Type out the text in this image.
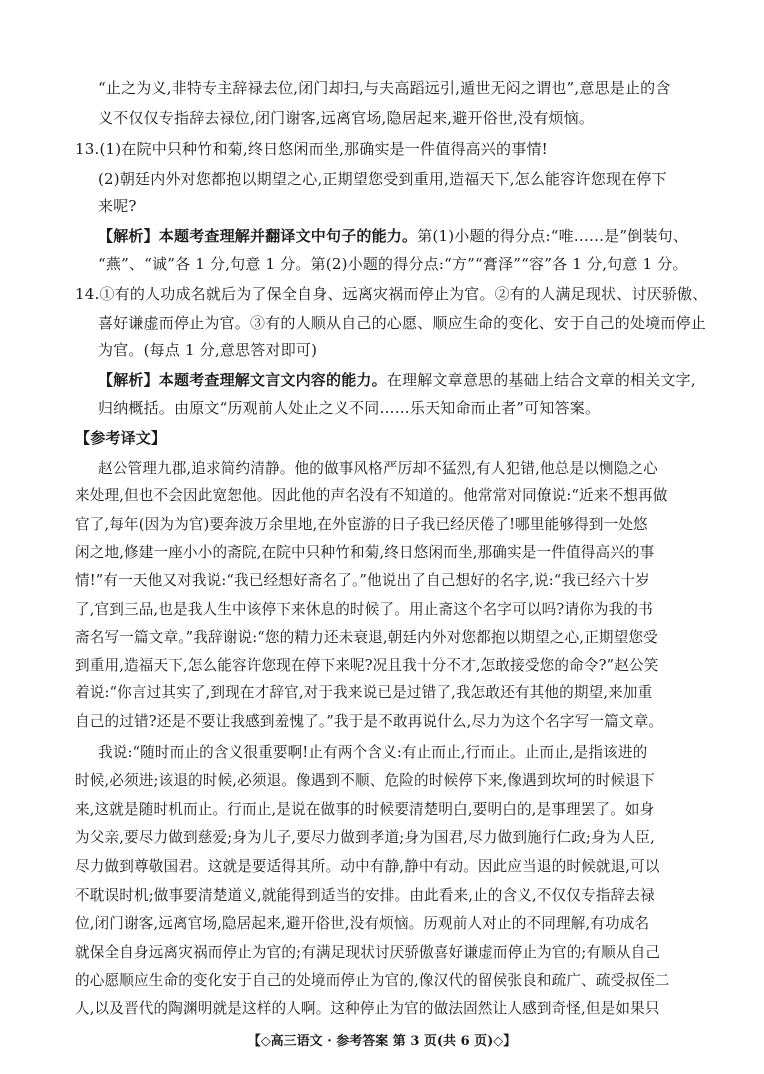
“止之为义,非特专主辞禄去位,闭门却扫,与夫高蹈远引,遁世无闷之谓也”,意思是止的含
义不仅仅专指辞去禄位,闭门谢客,远离官场,隐居起来,避开俗世,没有烦恼。
13.(1)在院中只种竹和菊,终日悠闲而坐,那确实是一件值得高兴的事情!
(2)朝廷内外对您都抱以期望之心,正期望您受到重用,造福天下,怎么能容许您现在停下
来呢?
【解析】本题考查理解并翻译文中句子的能力。第(1)小题的得分点:“唯……是”倒装句、
“燕”、“诚”各 1 分,句意 1 分。第(2)小题的得分点:“方”“膏泽”“容”各 1 分,句意 1 分。
14.①有的人功成名就后为了保全自身、远离灾祸而停止为官。②有的人满足现状、讨厌骄傲、
喜好谦虚而停止为官。③有的人顺从自己的心愿、顺应生命的变化、安于自己的处境而停止
为官。(每点 1 分,意思答对即可)
【解析】本题考查理解文言文内容的能力。在理解文章意思的基础上结合文章的相关文字,
归纳概括。由原文“历观前人处止之义不同……乐天知命而止者”可知答案。
【参考译文】
赵公管理九郡,追求简约清静。他的做事风格严厉却不猛烈,有人犯错,他总是以恻隐之心
来处理,但也不会因此宽恕他。因此他的声名没有不知道的。他常常对同僚说:“近来不想再做
官了,每年(因为为官)要奔波万余里地,在外宦游的日子我已经厌倦了!哪里能够得到一处悠
闲之地,修建一座小小的斋院,在院中只种竹和菊,终日悠闲而坐,那确实是一件值得高兴的事
情!”有一天他又对我说:“我已经想好斋名了。”他说出了自己想好的名字,说:“我已经六十岁
了,官到三品,也是我人生中该停下来休息的时候了。用止斋这个名字可以吗?请你为我的书
斋名写一篇文章。”我辞谢说:“您的精力还未衰退,朝廷内外对您都抱以期望之心,正期望您受
到重用,造福天下,怎么能容许您现在停下来呢?况且我十分不才,怎敢接受您的命令?”赵公笑
着说:“你言过其实了,到现在才辞官,对于我来说已是过错了,我怎敢还有其他的期望,来加重
自己的过错?还是不要让我感到羞愧了。”我于是不敢再说什么,尽力为这个名字写一篇文章。
我说:“随时而止的含义很重要啊!止有两个含义:有止而止,行而止。止而止,是指该进的
时候,必须进;该退的时候,必须退。像遇到不顺、危险的时候停下来,像遇到坎坷的时候退下
来,这就是随时机而止。行而止,是说在做事的时候要清楚明白,要明白的,是事理罢了。如身
为父亲,要尽力做到慈爱;身为儿子,要尽力做到孝道;身为国君,尽力做到施行仁政;身为人臣,
尽力做到尊敬国君。这就是要适得其所。动中有静,静中有动。因此应当退的时候就退,可以
不耽误时机;做事要清楚道义,就能得到适当的安排。由此看来,止的含义,不仅仅专指辞去禄
位,闭门谢客,远离官场,隐居起来,避开俗世,没有烦恼。历观前人对止的不同理解,有功成名
就保全自身远离灾祸而停止为官的;有满足现状讨厌骄傲喜好谦虚而停止为官的;有顺从自己
的心愿顺应生命的变化安于自己的处境而停止为官的,像汉代的留侯张良和疏广、疏受叔侄二
人,以及晋代的陶渊明就是这样的人啊。这种停止为官的做法固然让人感到奇怪,但是如果只
【◇高三语文 · 参考答案 第 3 页(共 6 页)◇】
